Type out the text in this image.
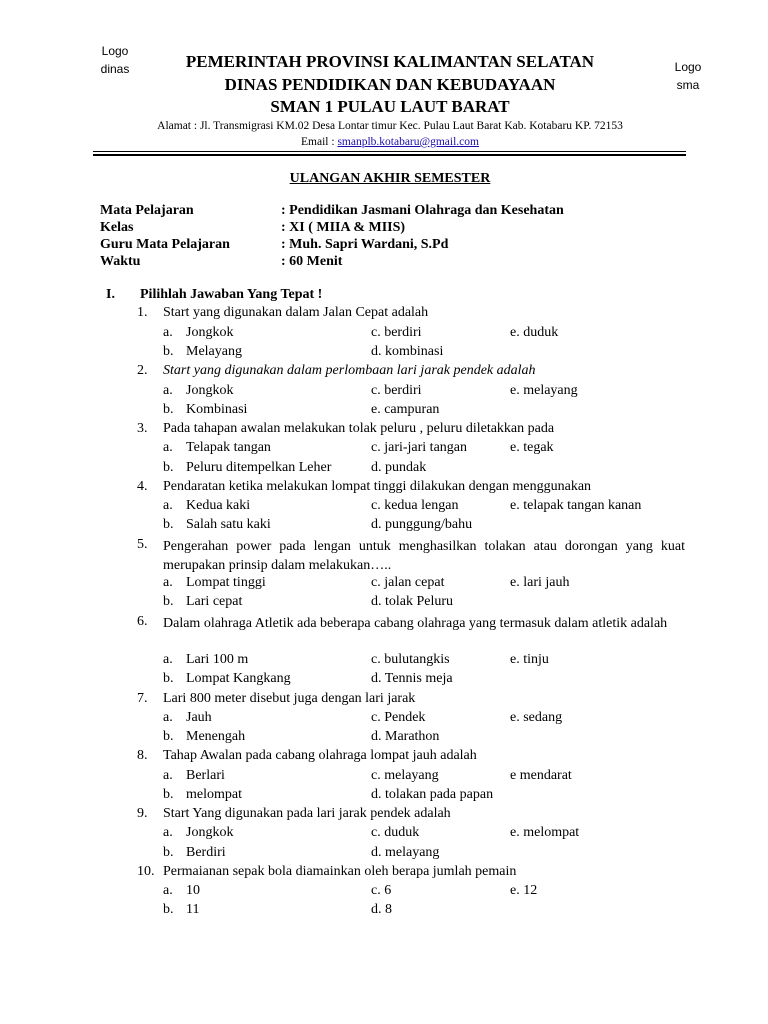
Logo dinas	Logo sma
PEMERINTAH PROVINSI KALIMANTAN SELATAN
DINAS PENDIDIKAN DAN KEBUDAYAAN
SMAN 1 PULAU LAUT BARAT
Alamat : Jl. Transmigrasi KM.02 Desa Lontar timur Kec. Pulau Laut Barat Kab. Kotabaru KP. 72153
Email : smanplb.kotabaru@gmail.com
ULANGAN AKHIR SEMESTER
Mata Pelajaran	: Pendidikan Jasmani Olahraga dan Kesehatan
Kelas	: XI ( MIIA & MIIS)
Guru Mata Pelajaran	: Muh. Sapri Wardani, S.Pd
Waktu	: 60 Menit
I. Pilihlah Jawaban Yang Tepat !
1. Start yang digunakan dalam Jalan Cepat adalah
a. Jongkok	c. berdiri	e. duduk
b. Melayang	d. kombinasi
2. Start yang digunakan dalam perlombaan lari jarak pendek adalah
a. Jongkok	c. berdiri	e. melayang
b. Kombinasi	e. campuran
3. Pada tahapan awalan melakukan tolak peluru , peluru diletakkan pada
a. Telapak tangan	c. jari-jari tangan	e. tegak
b. Peluru ditempelkan Leher	d. pundak
4. Pendaratan ketika melakukan lompat tinggi dilakukan dengan menggunakan
a. Kedua kaki	c. kedua lengan	e. telapak tangan kanan
b. Salah satu kaki	d. punggung/bahu
5. Pengerahan power pada lengan untuk menghasilkan tolakan atau dorongan yang kuat merupakan prinsip dalam melakukan…..
a. Lompat tinggi	c. jalan cepat	e. lari jauh
b. Lari cepat	d. tolak Peluru
6. Dalam olahraga Atletik ada beberapa cabang olahraga yang termasuk dalam atletik adalah
a. Lari 100 m	c. bulutangkis	e. tinju
b. Lompat Kangkang	d. Tennis meja
7. Lari 800 meter disebut juga dengan lari jarak
a. Jauh	c. Pendek	e. sedang
b. Menengah	d. Marathon
8. Tahap Awalan pada cabang olahraga lompat jauh adalah
a. Berlari	c. melayang	e mendarat
b. melompat	d. tolakan pada papan
9. Start Yang digunakan pada lari jarak pendek adalah
a. Jongkok	c. duduk	e. melompat
b. Berdiri	d. melayang
10. Permaianan sepak bola diamainkan oleh berapa jumlah pemain
a. 10	c. 6	e. 12
b. 11	d. 8
